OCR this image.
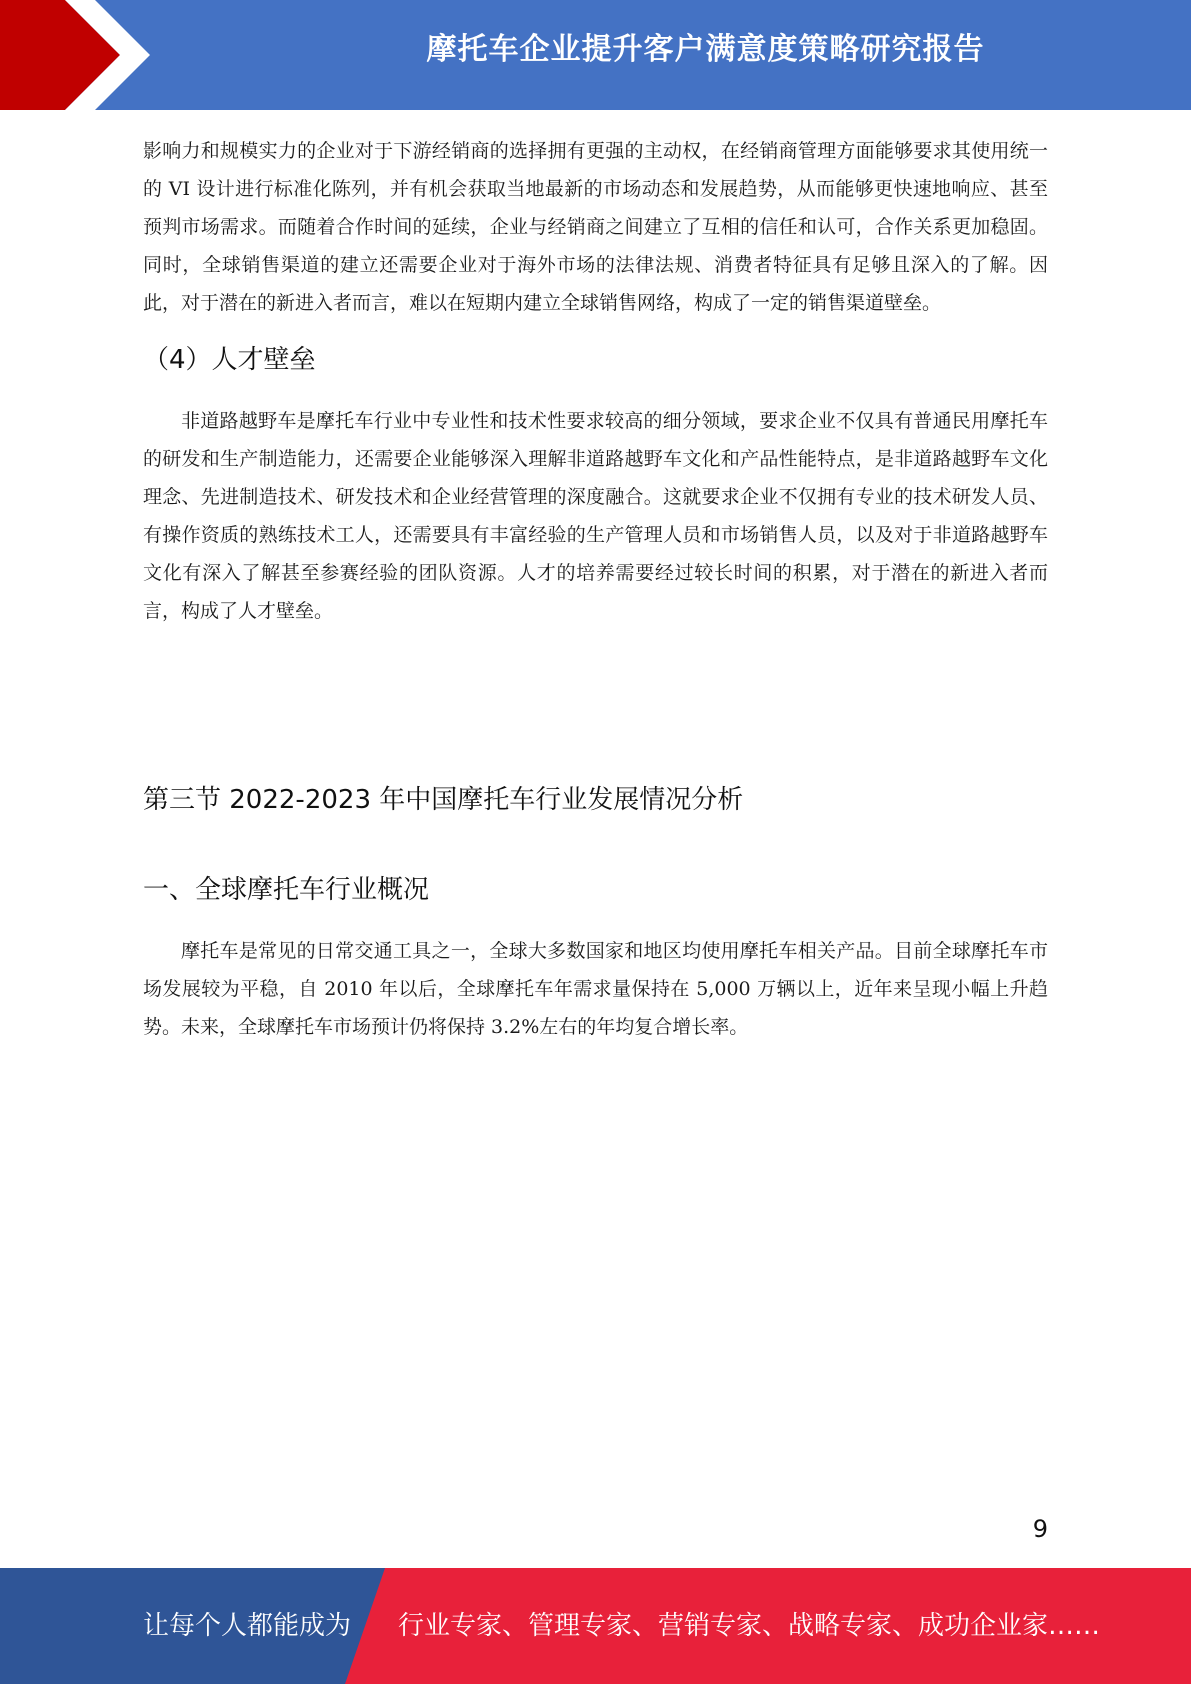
摩托车企业提升客户满意度策略研究报告

影响力和规模实力的企业对于下游经销商的选择拥有更强的主动权，在经销商管理方面能够要求其使用统一的 VI 设计进行标准化陈列，并有机会获取当地最新的市场动态和发展趋势，从而能够更快速地响应、甚至预判市场需求。而随着合作时间的延续，企业与经销商之间建立了互相的信任和认可，合作关系更加稳固。同时，全球销售渠道的建立还需要企业对于海外市场的法律法规、消费者特征具有足够且深入的了解。因此，对于潜在的新进入者而言，难以在短期内建立全球销售网络，构成了一定的销售渠道壁垒。

（4）人才壁垒

非道路越野车是摩托车行业中专业性和技术性要求较高的细分领域，要求企业不仅具有普通民用摩托车的研发和生产制造能力，还需要企业能够深入理解非道路越野车文化和产品性能特点，是非道路越野车文化理念、先进制造技术、研发技术和企业经营管理的深度融合。这就要求企业不仅拥有专业的技术研发人员、有操作资质的熟练技术工人，还需要具有丰富经验的生产管理人员和市场销售人员，以及对于非道路越野车文化有深入了解甚至参赛经验的团队资源。人才的培养需要经过较长时间的积累，对于潜在的新进入者而言，构成了人才壁垒。

第三节 2022-2023 年中国摩托车行业发展情况分析
一、全球摩托车行业概况

摩托车是常见的日常交通工具之一，全球大多数国家和地区均使用摩托车相关产品。目前全球摩托车市场发展较为平稳，自 2010 年以后，全球摩托车年需求量保持在 5,000 万辆以上，近年来呈现小幅上升趋势。未来，全球摩托车市场预计仍将保持 3.2%左右的年均复合增长率。

9
让每个人都能成为 行业专家、管理专家、营销专家、战略专家、成功企业家……
